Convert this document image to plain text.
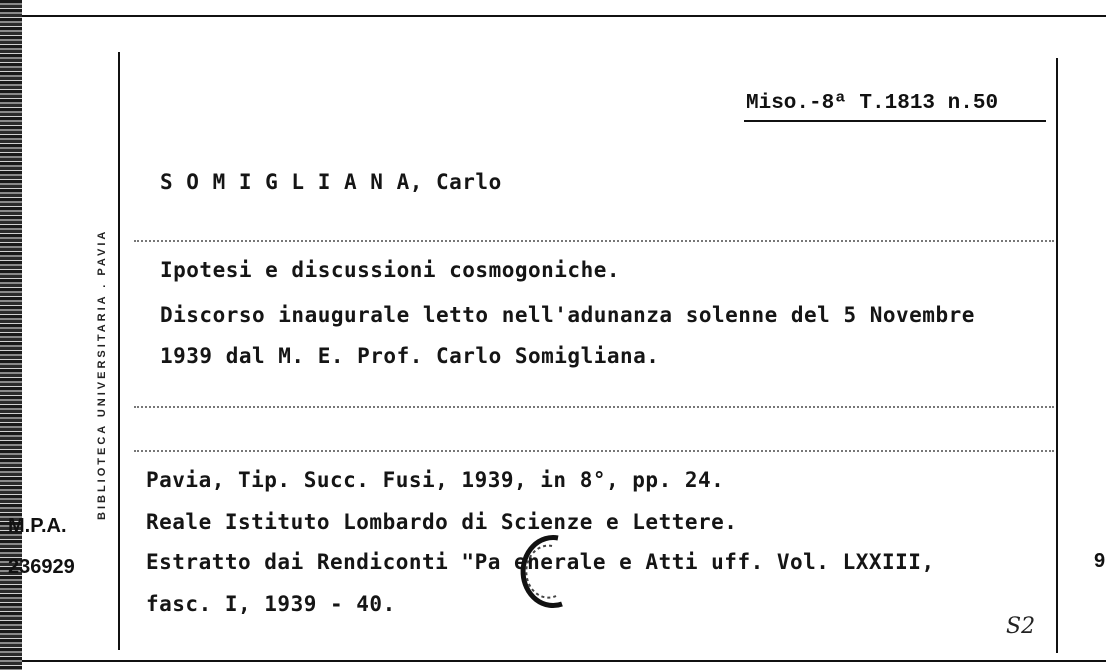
BIBLIOTECA UNIVERSITARIA . PAVIA
Miso.-8ª T.1813 n.50
S O M I G L I A N A, Carlo
Ipotesi e discussioni cosmogoniche.
Discorso inaugurale letto nell'adunanza solenne del 5 Novembre
1939 dal M. E. Prof. Carlo Somigliana.
Pavia, Tip. Succ. Fusi, 1939, in 8°, pp. 24.
Reale Istituto Lombardo di Scienze e Lettere.
Estratto dai Rendiconti "Pa enerale e Atti uff. Vol. LXXIII,
fasc. I, 1939 - 40.
M.P.A.
236929
S2
9
